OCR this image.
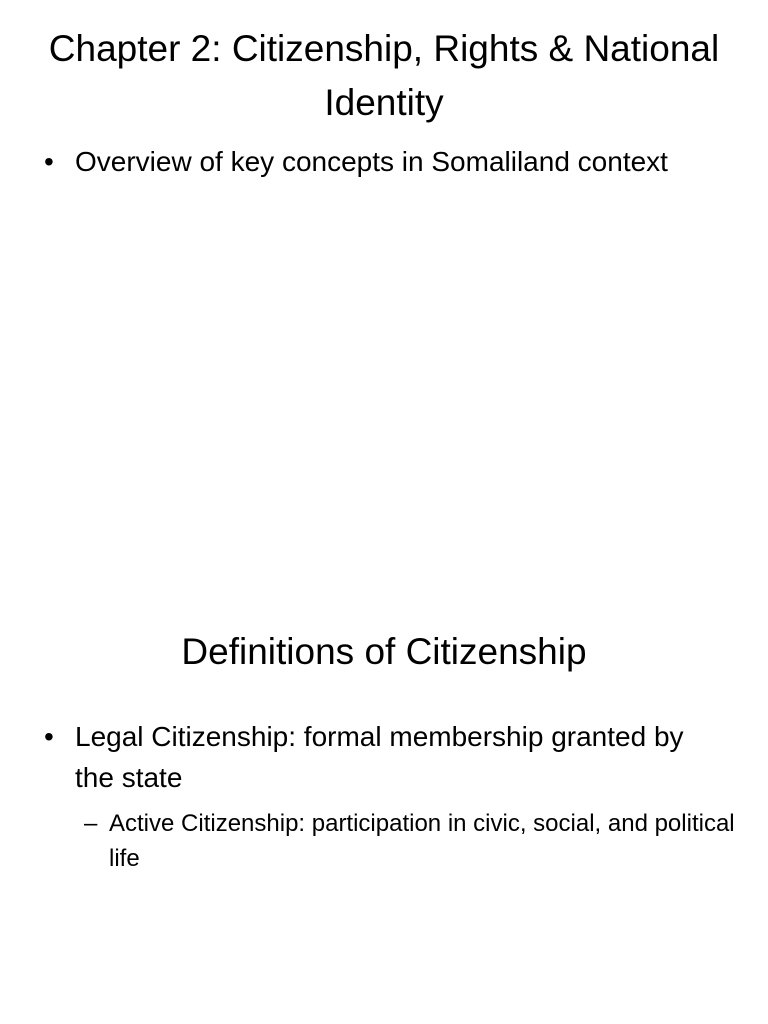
Chapter 2: Citizenship, Rights & National Identity
• Overview of key concepts in Somaliland context
Definitions of Citizenship
• Legal Citizenship: formal membership granted by the state
– Active Citizenship: participation in civic, social, and political life
